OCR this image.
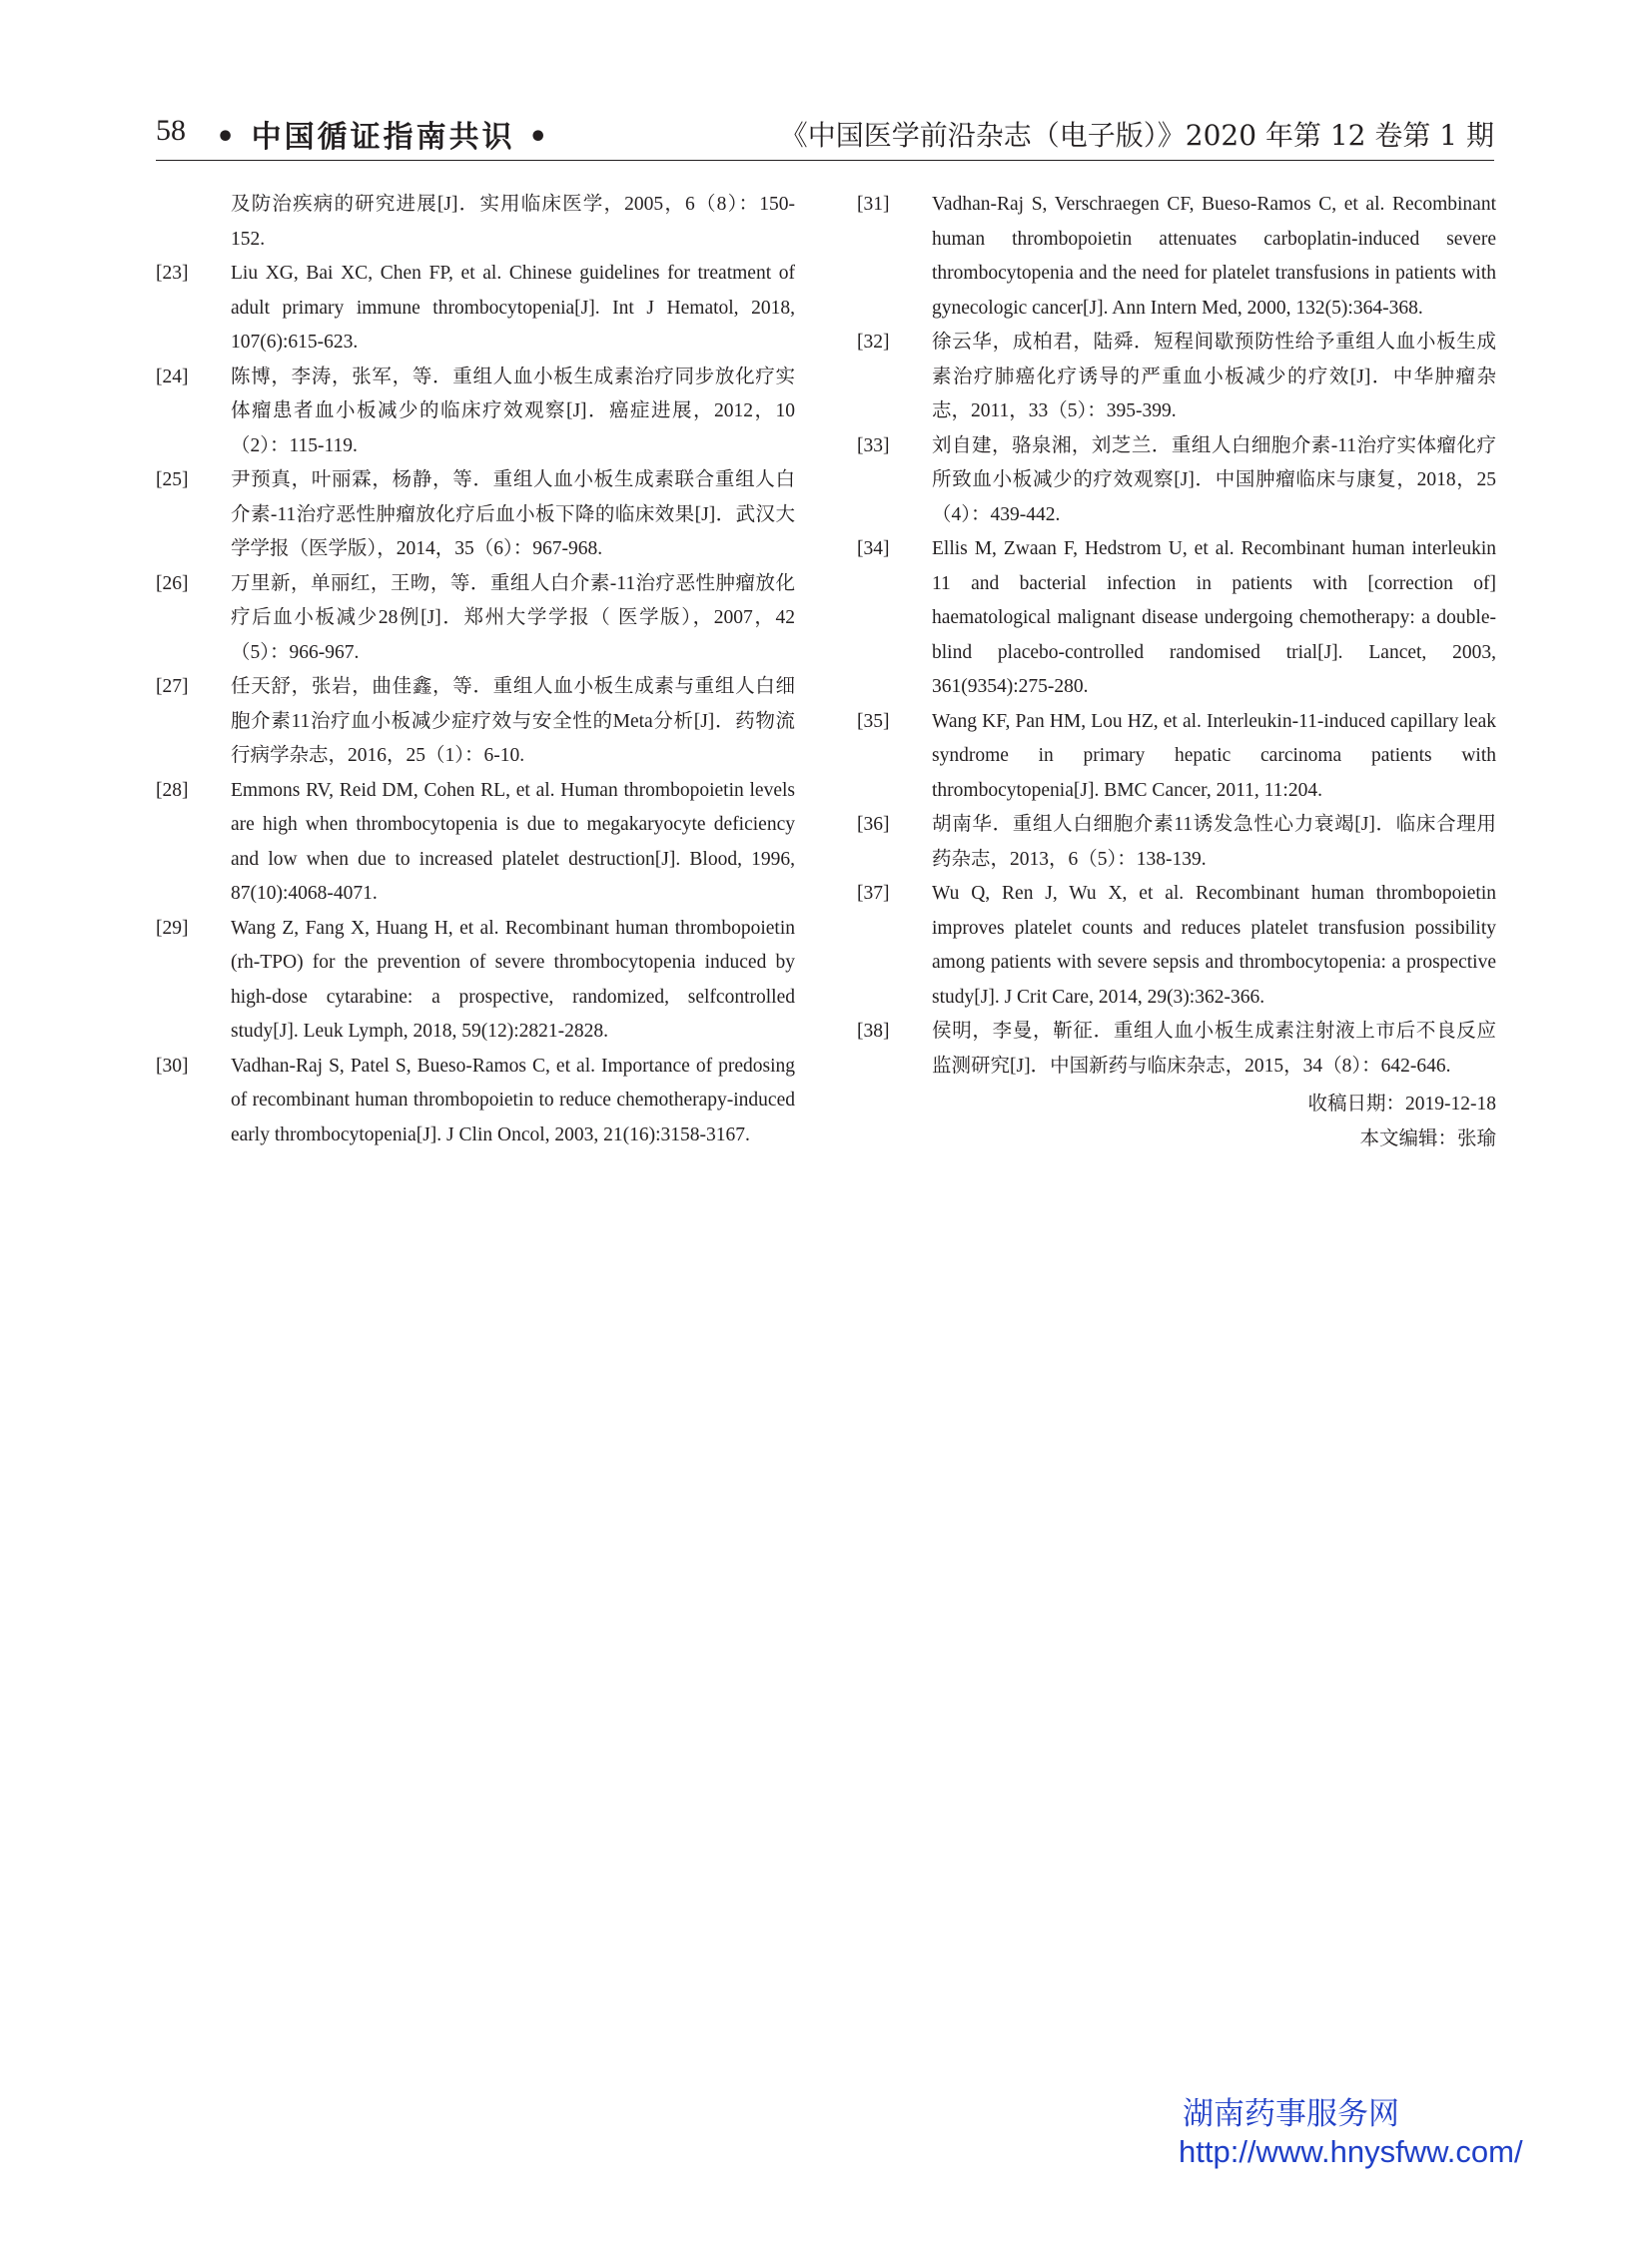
58 • 中国循证指南共识 •	《中国医学前沿杂志（电子版）》2020 年第 12 卷第 1 期
及防治疾病的研究进展[J]．实用临床医学，2005，6（8）：150-152.
[23] Liu XG, Bai XC, Chen FP, et al. Chinese guidelines for treatment of adult primary immune thrombocytopenia[J]. Int J Hematol, 2018, 107(6):615-623.
[24] 陈博，李涛，张军，等．重组人血小板生成素治疗同步放化疗实体瘤患者血小板减少的临床疗效观察[J]．癌症进展，2012，10（2）：115-119.
[25] 尹预真，叶丽霖，杨静，等．重组人血小板生成素联合重组人白介素-11治疗恶性肿瘤放化疗后血小板下降的临床效果[J]．武汉大学学报（医学版），2014，35（6）：967-968.
[26] 万里新，单丽红，王昒，等．重组人白介素-11治疗恶性肿瘤放化疗后血小板减少28例[J]．郑州大学学报（ 医学版），2007，42（5）：966-967.
[27] 任天舒，张岩，曲佳鑫，等．重组人血小板生成素与重组人白细胞介素11治疗血小板减少症疗效与安全性的Meta分析[J]．药物流行病学杂志，2016，25（1）：6-10.
[28] Emmons RV, Reid DM, Cohen RL, et al. Human thrombopoietin levels are high when thrombocytopenia is due to megakaryocyte deficiency and low when due to increased platelet destruction[J]. Blood, 1996, 87(10):4068-4071.
[29] Wang Z, Fang X, Huang H, et al. Recombinant human thrombopoietin (rh-TPO) for the prevention of severe thrombocytopenia induced by high-dose cytarabine: a prospective, randomized, selfcontrolled study[J]. Leuk Lymph, 2018, 59(12):2821-2828.
[30] Vadhan-Raj S, Patel S, Bueso-Ramos C, et al. Importance of predosing of recombinant human thrombopoietin to reduce chemotherapy-induced early thrombocytopenia[J]. J Clin Oncol, 2003, 21(16):3158-3167.
[31] Vadhan-Raj S, Verschraegen CF, Bueso-Ramos C, et al. Recombinant human thrombopoietin attenuates carboplatin-induced severe thrombocytopenia and the need for platelet transfusions in patients with gynecologic cancer[J]. Ann Intern Med, 2000, 132(5):364-368.
[32] 徐云华，成柏君，陆舜．短程间歇预防性给予重组人血小板生成素治疗肺癌化疗诱导的严重血小板减少的疗效[J]．中华肿瘤杂志，2011，33（5）：395-399.
[33] 刘自建，骆泉湘，刘芝兰．重组人白细胞介素-11治疗实体瘤化疗所致血小板减少的疗效观察[J]．中国肿瘤临床与康复，2018，25（4）：439-442.
[34] Ellis M, Zwaan F, Hedstrom U, et al. Recombinant human interleukin 11 and bacterial infection in patients with [correction of] haematological malignant disease undergoing chemotherapy: a double-blind placebo-controlled randomised trial[J]. Lancet, 2003, 361(9354):275-280.
[35] Wang KF, Pan HM, Lou HZ, et al. Interleukin-11-induced capillary leak syndrome in primary hepatic carcinoma patients with thrombocytopenia[J]. BMC Cancer, 2011, 11:204.
[36] 胡南华．重组人白细胞介素11诱发急性心力衰竭[J]．临床合理用药杂志，2013，6（5）：138-139.
[37] Wu Q, Ren J, Wu X, et al. Recombinant human thrombopoietin improves platelet counts and reduces platelet transfusion possibility among patients with severe sepsis and thrombocytopenia: a prospective study[J]. J Crit Care, 2014, 29(3):362-366.
[38] 侯明，李曼，靳征．重组人血小板生成素注射液上市后不良反应监测研究[J]．中国新药与临床杂志，2015，34（8）：642-646.
收稿日期：2019-12-18
本文编辑：张瑜
湖南药事服务网
http://www.hnysfww.com/
